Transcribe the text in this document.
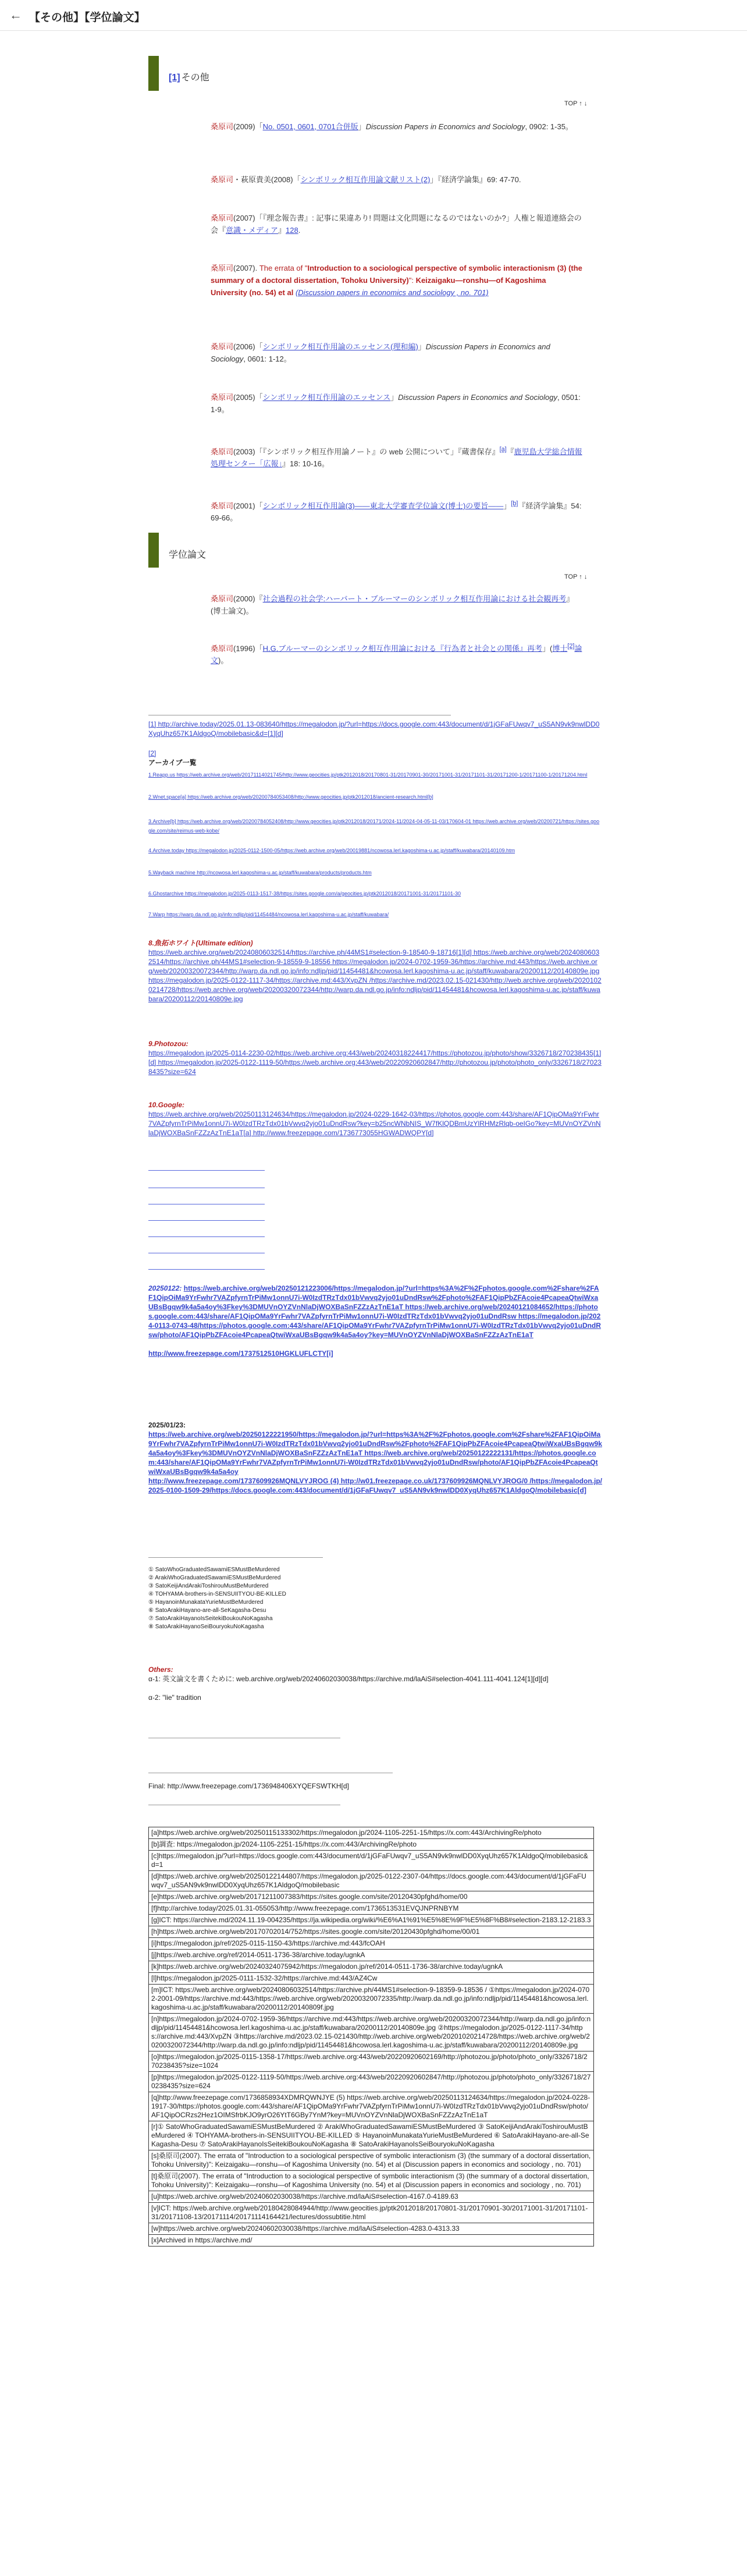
← 【その他】【学位論文】
[1] その他
TOP ↑ ↓
桑原司(2009)「No. 0501, 0601, 0701合併版」Discussion Papers in Economics and Sociology, 0902: 1-35。
桑原司・萩原貴美(2008)「シンボリック相互作用論文献リスト(2)」『経済学論集』69: 47-70.
桑原司(2007)「『理念報告書』: 記事に果違あり! 問題は文化問題になるのではないのか?」人権と報道連絡会の会『意識・メディア』128.
桑原司(2007). The errata of "Introduction to a sociological perspective of symbolic interactionism (3) (the summary of a doctoral dissertation, Tohoku University)": Keizaigaku―ronshu―of Kagoshima University (no. 54) et al (Discussion papers in economics and sociology , no. 701)
桑原司(2006)「シンボリック相互作用論のエッセンス(理和編)」Discussion Papers in Economics and Sociology, 0601: 1-12。
桑原司(2005)「シンボリック相互作用論のエッセンス」Discussion Papers in Economics and Sociology, 0501: 1-9。
桑原司(2003)「『シンボリック相互作用論ノート』の web 公開について」『蔵書保存』[a]『鹿児島大学総合情報処理センター「広報」』18: 10-16。
桑原司(2001)「シンボリック相互作用論(3)――東北大学審査学位論文(博士)の要旨――」[b]『経済学論集』54: 69-66。
学位論文
TOP ↑ ↓
桑原司(2000)『社会過程の社会学:ハーバート・ブルーマーのシンボリック相互作用論における社会観再考』(博士論文)。
桑原司(1996)「H.G.ブルーマーのシンボリック相互作用論における『行為者と社会との関係』再考」(博士[2]論文)。
[1] http://archive.today/2025.01.13-083640/https://megalodon.jp/?url=https://docs.google.com:443/document/d/1jGFaFUwqv7_uS5AN9vk9nwlDD0XyqUhz657K1AldgoQ/mobilebasic&d=[1][d]
[2]
アーカイブ一覧
1.Reapp.us https://web.archive.org/web/20171114021745/http://www.geocities.jp/ptk2012018/20170801-31/20170901-30/20171001-31/20171101-31/20171200-1/20171100-1/20171204.html
2.Wnet.space[a] https://web.archive.org/web/20200784053408/http://www.geocities.jp/ptk2012018/ancient-research.html[b]
3.Archive[b] https://web.archive.org/web/20200784052408/http://www.geocities.jp/ptk2012018/20171/2024-11/2024-04-05-11-03/170604-01 https://web.archive.org/web/20200721/https://sites.google.com/site/reimus-web-kobe/
4.Archive.today https://megalodon.jp/2025-0112-1500-05/https://web.archive.org/web/20019881/ncowosa.lerl.kagoshima-u.ac.jp/staff/kuwabara/20140109.htm
5.Wayback machine http://ncowosa.lerl.kagoshima-u.ac.jp/staff/kuwabara/products/products.htm
6.Ghostarchive https://megalodon.jp/2025-0113-1517-38/https://sites.google.com/a/geocities.jp/ptk2012018/20171001-31/20171101-30
7.Warp https://warp.da.ndl.go.jp/info:ndljp/pid/11454484/ncowosa.lerl.kagoshima-u.ac.jp/staff/kuwabara/
8.魚拓ホワイト(Ultimate edition)
https://web.archive.org/web/20240806032514/https://archive.ph/44MS1#selection-9-18540-9-18716[1][d] https://web.archive.org/web/20240806032514/https://archive.ph/44MS1#selection-9-18559-9-18556 https://megalodon.jp/2024-0702-1959-36/https://archive.md:443/https://web.archive.org/web/20200320072344/http://warp.da.ndl.go.jp/info:ndljp/pid/11454481&hcowosa.lerl.kagoshima-u.ac.jp/staff/kuwabara/20200112/20140809e.jpg https://megalodon.jp/2025-0122-1117-34/https://archive.md:443/XvpZN /https://archive.md/2023.02.15-021430/http://web.archive.org/web/20201020214728/https://web.archive.org/web/20200320072344/http://warp.da.ndl.go.jp/info:ndljp/pid/11454481&hcowosa.lerl.kagoshima-u.ac.jp/staff/kuwabara/20200112/20140809e.jpg
9.Photozou:
https://megalodon.jp/2025-0114-2230-02/https://web.archive.org:443/web/20240318224417/https://photozou.jp/photo/show/3326718/270238435[1][d] https://megalodon.jp/2025-0122-1119-50/https://web.archive.org:443/web/20220920602847/http://photozou.jp/photo/photo_only/3326718/270238435?size=624
10.Google:
https://web.archive.org/web/20250113124634/https://megalodon.jp/2024-0229-1642-03/https://photos.google.com:443/share/AF1QipOMa9YrFwhr7VAZpfyrnTrPiMw1onnU7i-W0IzdTRzTdx01bVwvq2yjo01uDndRsw?key=b25ncWNbNIS_W7fKlQDBmUzYlRHMzRlqb-oeIGo?key=MUVnOYZVnNlaDjWOXBaSnFZZzAzTnE1aT[a] http://www.freezepage.com/1736773055HGWADWQPY[d]
20250122: https://web.archive.org/web/20250121223006/https://megalodon.jp/?url=https%3A%2F%2Fphotos.google.com%2Fshare%2FAF1QipOiMa9YrFwhr7VAZpfyrnTrPiMw1onnU7i-W0IzdTRzTdx01bVwvq2yjo01uDndRsw%2Fphoto%2FAF1QipPbZFAcoie4PcapeaQtwiWxaUBsBgqw9k4a5a4oy%3Fkey%3DMUVnOYZVnNlaDjWOXBaSnFZZzAzTnE1aT https://web.archive.org/web/20240121084652/https://photos.google.com:443/share/AF1QipOMa9YrFwhr7VAZpfyrnTrPiMw1onnU7i-W0IzdTRzTdx01bVwvq2yjo01uDndRsw https://megalodon.jp/2024-0113-0743-48/https://photos.google.com:443/share/AF1QipOMa9YrFwhr7VAZpfyrnTrPiMw1onnU7i-W0IzdTRzTdx01bVwvq2yjo01uDndRsw/photo/AF1QipPbZFAcoie4PcapeaQtwiWxaUBsBgqw9k4a5a4oy?key=MUVnOYZVnNlaDjWOXBaSnFZZzAzTnE1aT

http://www.freezepage.com/1737512510HGKLUFLCTY[i]
2025/01/23:
https://web.archive.org/web/20250122221950/https://megalodon.jp/?url=https%3A%2F%2Fphotos.google.com%2Fshare%2FAF1QipOiMa9YrFwhr7VAZpfyrnTrPiMw1onnU7i-W0IzdTRzTdx01bVwvq2yjo01uDndRsw%2Fphoto%2FAF1QipPbZFAcoie4PcapeaQtwiWxaUBsBgqw9k4a5a4oy%3Fkey%3DMUVnOYZVnNlaDjWOXBaSnFZZzAzTnE1aT https://web.archive.org/web/20250122222131/https://photos.google.com:443/share/AF1QipOMa9YrFwhr7VAZpfyrnTrPiMw1onnU7i-W0IzdTRzTdx01bVwvq2yjo01uDndRsw/photo/AF1QipPbZFAcoie4PcapeaQtwiWxaUBsBgqw9k4a5a4oy
http://www.freezepage.com/1737609926MQNLVYJROG (4) http://w01.freezepage.co.uk/1737609926MQNLVYJROG/0 /https://megalodon.jp/2025-0100-1509-29/https://docs.google.com:443/document/d/1jGFaFUwqv7_uS5AN9vk9nwlDD0XyqUhz657K1AldgoQ/mobilebasic[d]
① SatoWhoGraduatedSawamiESMustBeMurdered
② ArakiWhoGraduatedSawamiESMustBeMurdered
③ SatoKeijiAndArakiToshirouMustBeMurdered
④ TOHYAMA-brothers-in-SENSUIITYOU-BE-KILLED
⑤ HayanoinMunakataYurieMustBeMurdered
⑥ SatoArakiHayano-are-all-SeKagasha-Desu
⑦ SatoArakiHayanoIsSeitekiBoukouNoKagasha
⑧ SatoArakiHayanoSeiBouryokuNoKagasha
Others:
α-1: 英文論文を書くために: web.archive.org/web/20240602030038/https://archive.md/laAiS#selection-4041.111-4041.124[1][d][d]

α-2: "lie" tradition
Final: http://www.freezepage.com/1736948406XYQEFSWTKH[d]
[a]https://web.archive.org/web/20250115133302/https://megalodon.jp/2024-1105-2251-15/https://x.com:443/ArchivingRe/photo
[b]調査: https://megalodon.jp/2024-1105-2251-15/https://x.com:443/ArchivingRe/photo
[c]https://megalodon.jp/?url=https://docs.google.com:443/document/d/1jGFaFUwqv7_uS5AN9vk9nwlDD0XyqUhz657K1AldgoQ/mobilebasic&d=1
[d]https://web.archive.org/web/20250122144807/https://megalodon.jp/2025-0122-2307-04/https://docs.google.com:443/document/d/1jGFaFUwqv7_uS5AN9vk9nwlDD0XyqUhz657K1AldgoQ/mobilebasic
[e]https://web.archive.org/web/20171211007383/https://sites.google.com/site/20120430pfghd/home/00
[f]http://archive.today/2025.01.31-055053/http://www.freezepage.com/1736513531EVQJNPRNBYM
[g]ICT: https://archive.md/2024.11.19-004235/https://ja.wikipedia.org/wiki/%E6%A1%91%E5%8E%9F%E5%8F%B8#selection-2183.12-2183.3
[h]https://web.archive.org/web/20170702014/752/https://sites.google.com/site/20120430pfghd/home/00/01
[i]https://megalodon.jp/ref/2025-0115-1150-43/https://archive.md:443/fcOAH
[j]https://web.archive.org/ref/2014-0511-1736-38/archive.today/ugnkA
[k]https://web.archive.org/web/20240324075942/https://megalodon.jp/ref/2014-0511-1736-38/archive.today/ugnkA
[l]https://megalodon.jp/2025-0111-1532-32/https://archive.md:443/AZ4Cw
[m]ICT: https://web.archive.org/web/20240806032514/https://archive.ph/44MS1#selection-9-18359-9-18536 / ①https://megalodon.jp/2024-0702-2001-09/https://archive.md:443/https://web.archive.org/web/20200320072335/http://warp.da.ndl.go.jp/info:ndljp/pid/11454481&hcowosa.lerl.kagoshima-u.ac.jp/staff/kuwabara/20200112/20140809f.jpg
[n]https://megalodon.jp/2024-0702-1959-36/https://archive.md:443/https://web.archive.org/web/20200320072344/http://warp.da.ndl.go.jp/info:ndljp/pid/11454481&hcowosa.lerl.kagoshima-u.ac.jp/staff/kuwabara/20200112/20140809e.jpg ②https://megalodon.jp/2025-0122-1117-34/https://archive.md:443/XvpZN ③https://archive.md/2023.02.15-021430/http://web.archive.org/web/20201020214728/https://web.archive.org/web/20200320072344/http://warp.da.ndl.go.jp/info:ndljp/pid/11454481&hcowosa.lerl.kagoshima-u.ac.jp/staff/kuwabara/20200112/20140809e.jpg
[o]https://megalodon.jp/2025-0115-1358-17/https://web.archive.org:443/web/20220920602169/http://photozou.jp/photo/photo_only/3326718/270238435?size=1024
[p]https://megalodon.jp/2025-0122-1119-50/https://web.archive.org:443/web/20220920602847/http://photozou.jp/photo/photo_only/3326718/270238435?size=624
[q]http://www.freezepage.com/1736858934XDMRQWNJYE (5) https://web.archive.org/web/20250113124634/https://megalodon.jp/2024-0228-1917-30/https://photos.google.com:443/share/AF1QipOMa9YrFwhr7VAZpfyrnTrPiMw1onnU7i-W0IzdTRzTdx01bVwvq2yjo01uDndRsw/photo/AF1QipOCRzs2Hez1OIMSfrbKJO9yrO26YtT6GBy7YnM?key=MUVnOYZVnNlaDjWOXBaSnFZZzAzTnE1aT
[r]① SatoWhoGraduatedSawamiESMustBeMurdered ② ArakiWhoGraduatedSawamiESMustBeMurdered ③ SatoKeijiAndArakiToshirouMustBeMurdered ④ TOHYAMA-brothers-in-SENSUIITYOU-BE-KILLED ⑤ HayanoinMunakataYurieMustBeMurdered ⑥ SatoArakiHayano-are-all-SeKagasha-Desu ⑦ SatoArakiHayanoIsSeitekiBoukouNoKagasha ⑧ SatoArakiHayanoIsSeiBouryokuNoKagasha
[s]桑原司(2007). The errata of "Introduction to a sociological perspective of symbolic interactionism (3) (the summary of a doctoral dissertation, Tohoku University)": Keizaigaku―ronshu―of Kagoshima University (no. 54) et al (Discussion papers in economics and sociology , no. 701)
[t]桑原司(2007). The errata of "Introduction to a sociological perspective of symbolic interactionism (3) (the summary of a doctoral dissertation, Tohoku University)": Keizaigaku―ronshu―of Kagoshima University (no. 54) et al (Discussion papers in economics and sociology , no. 701)
[u]https://web.archive.org/web/20240602030038/https://archive.md/laAiS#selection-4167.0-4189.63
[v]ICT: https://web.archive.org/web/20180428084944/http://www.geocities.jp/ptk2012018/20170801-31/20170901-30/20171001-31/20171101-31/20171108-13/20171114/20171114164421/lectures/dossubtitie.html
[w]https://web.archive.org/web/20240602030038/https://archive.md/laAiS#selection-4283.0-4313.33
[x]Archived in https://archive.md/
